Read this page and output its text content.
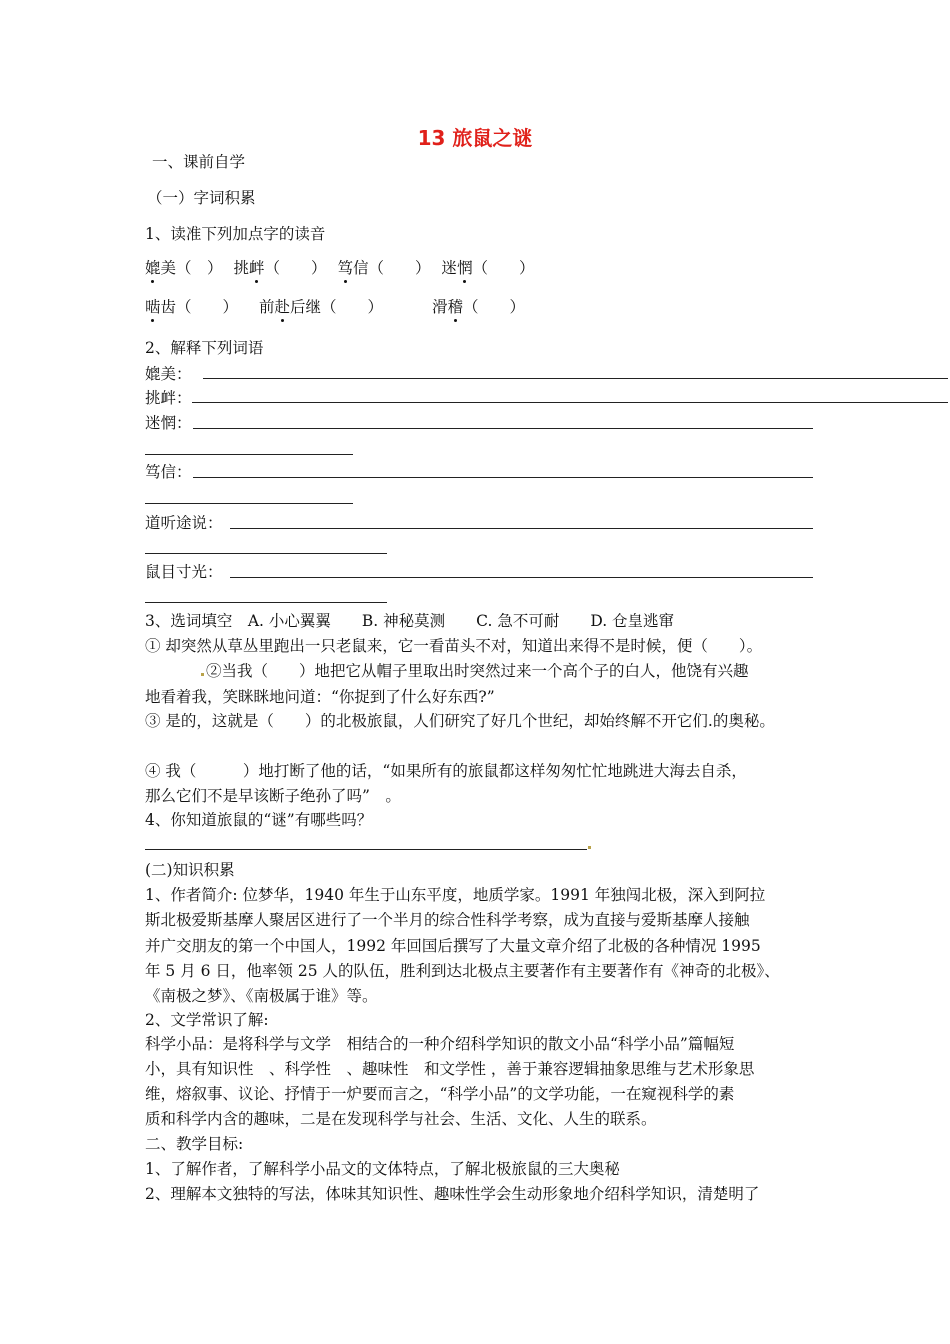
13 旅鼠之谜
一、课前自学
（一）字词积累
1、读准下列加点字的读音
媲美（　） 挑衅（　　） 笃信（　　） 迷惘（　　）
啮齿（　　） 前赴后继（　　）	滑稽（　　）
2、解释下列词语
媲美：
挑衅：
迷惘：
笃信：
道听途说：
鼠目寸光：
3、选词填空　A. 小心翼翼　　B. 神秘莫测　　C. 急不可耐　　D. 仓皇逃窜
① 却突然从草丛里跑出一只老鼠来，它一看苗头不对，知道出来得不是时候，便（　　）。
②当我（　　）地把它从帽子里取出时突然过来一个高个子的白人，他饶有兴趣
地看着我，笑眯眯地问道：“你捉到了什么好东西?”
③ 是的，这就是（　　）的北极旅鼠，人们研究了好几个世纪，却始终解不开它们.的奥秘。
④ 我（　　　）地打断了他的话，“如果所有的旅鼠都这样匆匆忙忙地跳进大海去自杀，
那么它们不是早该断子绝孙了吗”　。
4、你知道旅鼠的“谜”有哪些吗？
(二)知识积累
1、作者简介: 位梦华，1940 年生于山东平度，地质学家。1991 年独闯北极，深入到阿拉
斯北极爱斯基摩人聚居区进行了一个半月的综合性科学考察，成为直接与爱斯基摩人接触
并广交朋友的第一个中国人，1992 年回国后撰写了大量文章介绍了北极的各种情况 1995
年 5 月 6 日，他率领 25 人的队伍，胜利到达北极点主要著作有主要著作有《神奇的北极》、
《南极之梦》、《南极属于谁》等。
2、文学常识了解:
科学小品：是将科学与文学　相结合的一种介绍科学知识的散文小品“科学小品”篇幅短
小，具有知识性　、科学性　、趣味性　和文学性 ，善于兼容逻辑抽象思维与艺术形象思
维，熔叙事、议论、抒情于一炉要而言之，“科学小品”的文学功能，一在窥视科学的素
质和科学内含的趣味，二是在发现科学与社会、生活、文化、人生的联系。
二、教学目标:
1、了解作者，了解科学小品文的文体特点，了解北极旅鼠的三大奥秘
2、理解本文独特的写法，体味其知识性、趣味性学会生动形象地介绍科学知识，清楚明了
